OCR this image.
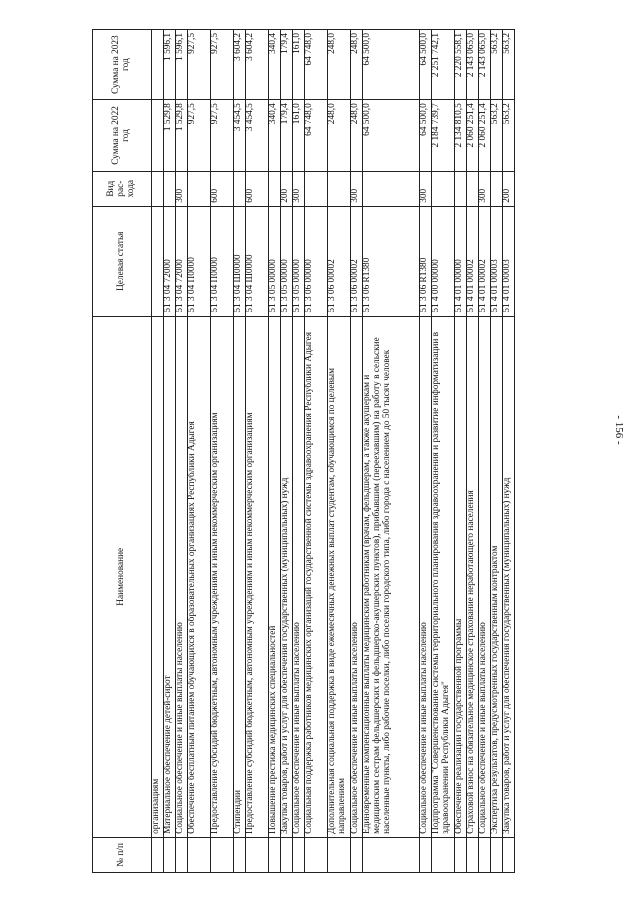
- 156 -
№ п/п	Наименование	Целевая статья	Вид рас-хода	Сумма на 2022 год	Сумма на 2023 год
	организациям				
	Материальное обеспечение детей-сирот	51 3 04 72000		1 529,8	1 596,1
	Социальное обеспечение и иные выплаты населению	51 3 04 72000	300	1 529,8	1 596,1
	Обеспечение бесплатным питанием обучающихся в образовательных организациях Республики Адыгея	51 3 04 П0000		927,5	927,5
	Предоставление субсидий бюджетным, автономным учреждениям и иным некоммерческим организациям	51 3 04 П0000	600	927,5	927,5
	Стипендии	51 3 04 Ш0000		3 454,5	3 604,2
	Предоставление субсидий бюджетным, автономным учреждениям и иным некоммерческим организациям	51 3 04 Ш0000	600	3 454,5	3 604,2
	Повышение престижа медицинских специальностей	51 3 05 00000		340,4	340,4
	Закупка товаров, работ и услуг для обеспечения государственных (муниципальных) нужд	51 3 05 00000	200	179,4	179,4
	Социальное обеспечение и иные выплаты населению	51 3 05 00000	300	161,0	161,0
	Социальная поддержка работников медицинских организаций государственной системы здравоохранения Республики Адыгея	51 3 06 00000		64 748,0	64 748,0
	Дополнительная социальная поддержка в виде ежемесячных денежных выплат студентам, обучающимся по целевым направлениям	51 3 06 00002		248,0	248,0
	Социальное обеспечение и иные выплаты населению	51 3 06 00002	300	248,0	248,0
	Единовременные компенсационные выплаты медицинским работникам (врачам, фельдшерам, а также акушеркам и медицинским сестрам фельдшерских и фельдшерско-акушерских пунктов), прибывшим (переехавшим) на работу в сельские населенные пункты, либо рабочие поселки, либо поселки городского типа, либо города с населением до 50 тысяч человек	51 3 06 R1380		64 500,0	64 500,0
	Социальное обеспечение и иные выплаты населению	51 3 06 R1380	300	64 500,0	64 500,0
	Подпрограмма "Совершенствование системы территориального планирования здравоохранения и развитие информатизации в здравоохранении Республики Адыгея"	51 4 00 00000		2 184 739,7	2 251 742,1
	Обеспечение реализации государственной программы	51 4 01 00000		2 134 810,5	2 220 558,1
	Страховой взнос на обязательное медицинское страхование неработающего населения	51 4 01 00002		2 060 251,4	2 143 065,0
	Социальное обеспечение и иные выплаты населению	51 4 01 00002	300	2 060 251,4	2 143 065,0
	Экспертиза результатов, предусмотренных государственным контрактом	51 4 01 00003		563,2	563,2
	Закупка товаров, работ и услуг для обеспечения государственных (муниципальных) нужд	51 4 01 00003	200	563,2	563,2
